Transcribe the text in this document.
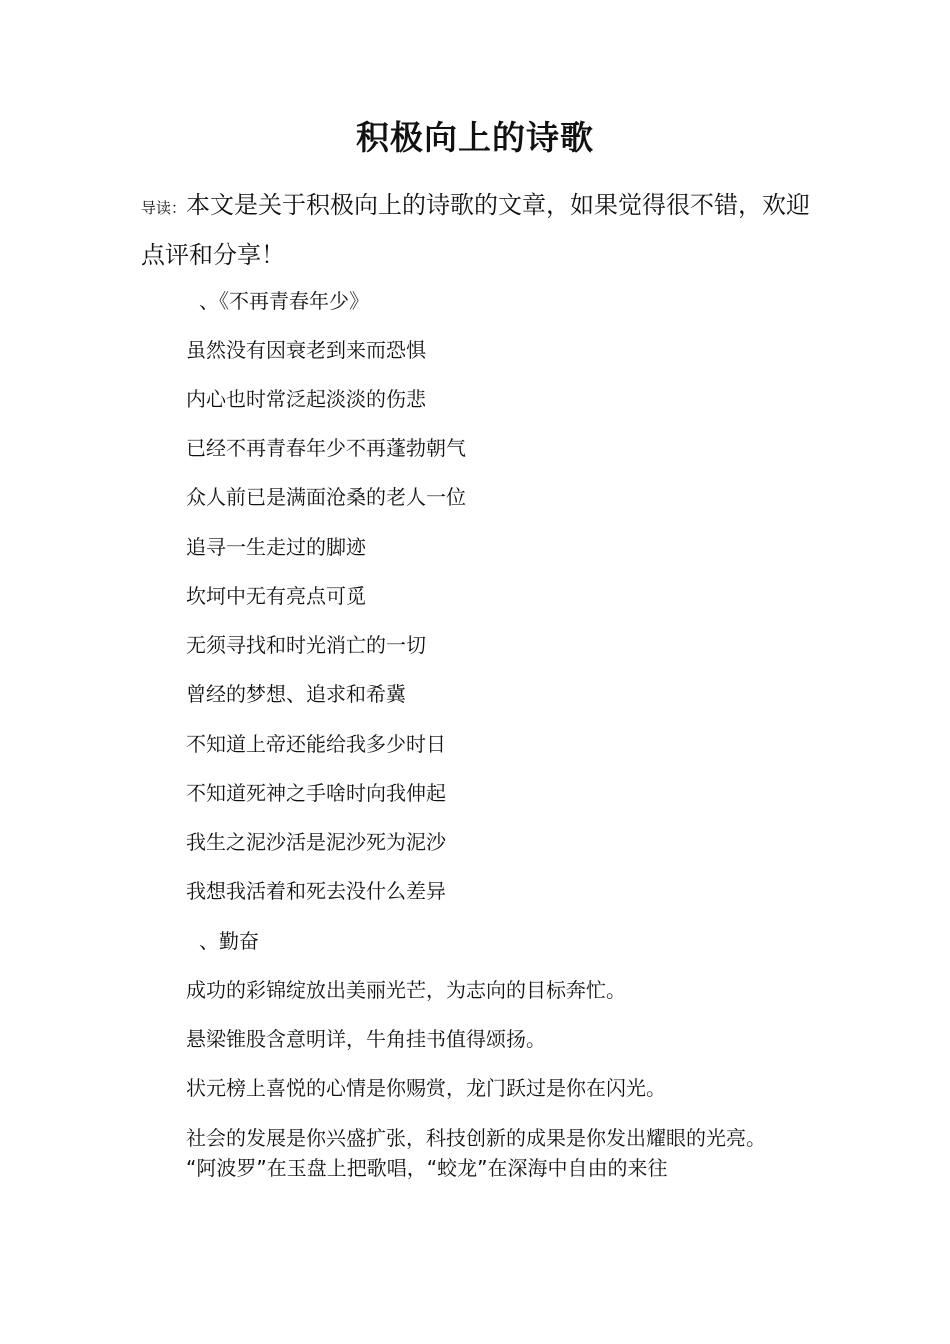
积极向上的诗歌

导读：本文是关于积极向上的诗歌的文章，如果觉得很不错，欢迎点评和分享！

、《不再青春年少》

虽然没有因衰老到来而恐惧

内心也时常泛起淡淡的伤悲

已经不再青春年少不再蓬勃朝气

众人前已是满面沧桑的老人一位

追寻一生走过的脚迹

坎坷中无有亮点可觅

无须寻找和时光消亡的一切

曾经的梦想、追求和希冀

不知道上帝还能给我多少时日

不知道死神之手啥时向我伸起

我生之泥沙活是泥沙死为泥沙

我想我活着和死去没什么差异

、勤奋

成功的彩锦绽放出美丽光芒，为志向的目标奔忙。

悬梁锥股含意明详，牛角挂书值得颂扬。

状元榜上喜悦的心情是你赐赏，龙门跃过是你在闪光。

社会的发展是你兴盛扩张，科技创新的成果是你发出耀眼的光亮。

“阿波罗”在玉盘上把歌唱，“蛟龙”在深海中自由的来往
